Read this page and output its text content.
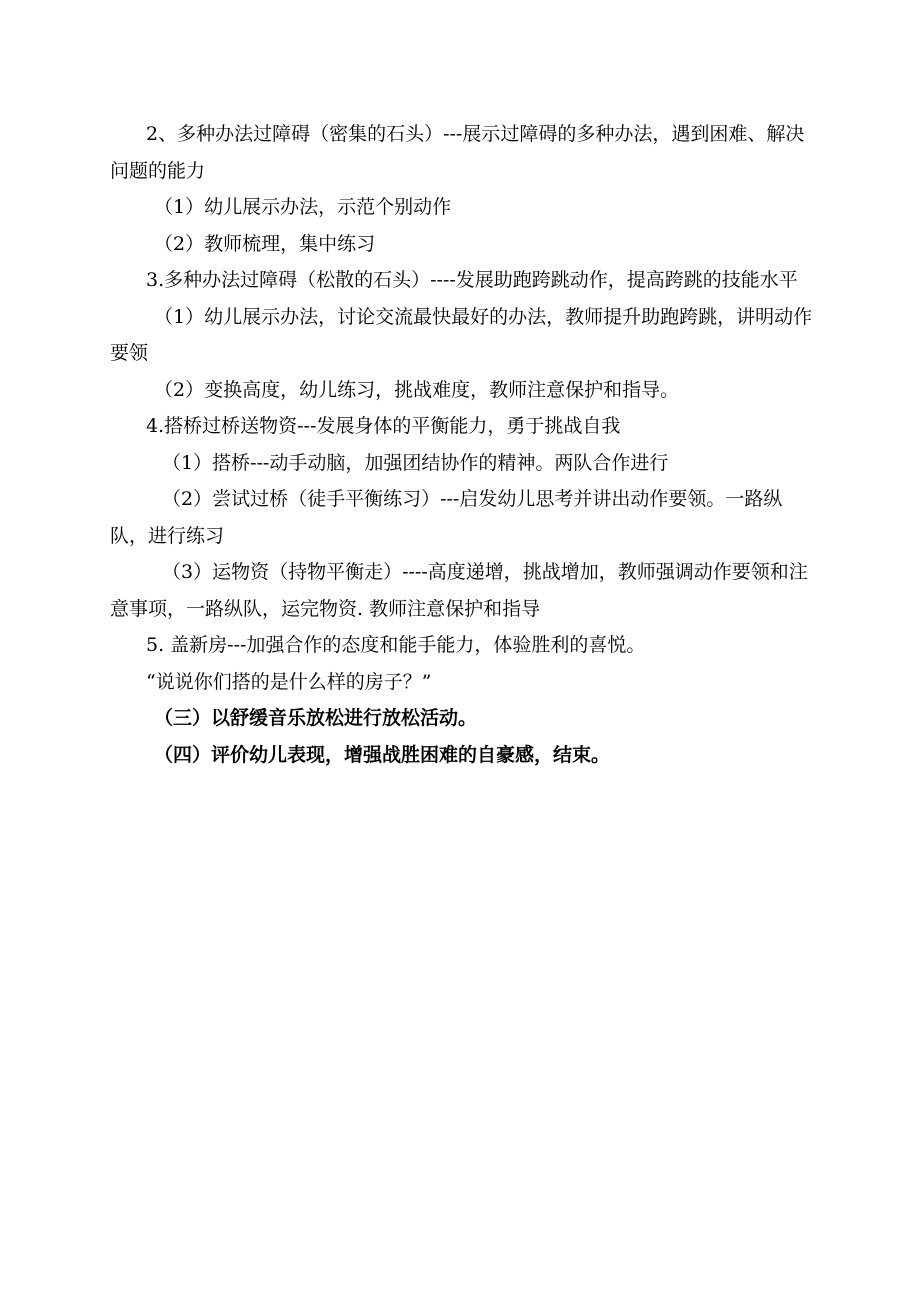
2、多种办法过障碍（密集的石头）---展示过障碍的多种办法，遇到困难、解决问题的能力

（1）幼儿展示办法，示范个别动作

（2）教师梳理，集中练习

3.多种办法过障碍（松散的石头）----发展助跑跨跳动作，提高跨跳的技能水平

（1）幼儿展示办法，讨论交流最快最好的办法，教师提升助跑跨跳，讲明动作要领

（2）变换高度，幼儿练习，挑战难度，教师注意保护和指导。

4.搭桥过桥送物资---发展身体的平衡能力，勇于挑战自我

（1）搭桥---动手动脑，加强团结协作的精神。两队合作进行

（2）尝试过桥（徒手平衡练习）---启发幼儿思考并讲出动作要领。一路纵队，进行练习

（3）运物资（持物平衡走）----高度递增，挑战增加，教师强调动作要领和注意事项，一路纵队，运完物资. 教师注意保护和指导

5. 盖新房---加强合作的态度和能手能力，体验胜利的喜悦。

“说说你们搭的是什么样的房子？”

（三）以舒缓音乐放松进行放松活动。

（四）评价幼儿表现，增强战胜困难的自豪感，结束。
